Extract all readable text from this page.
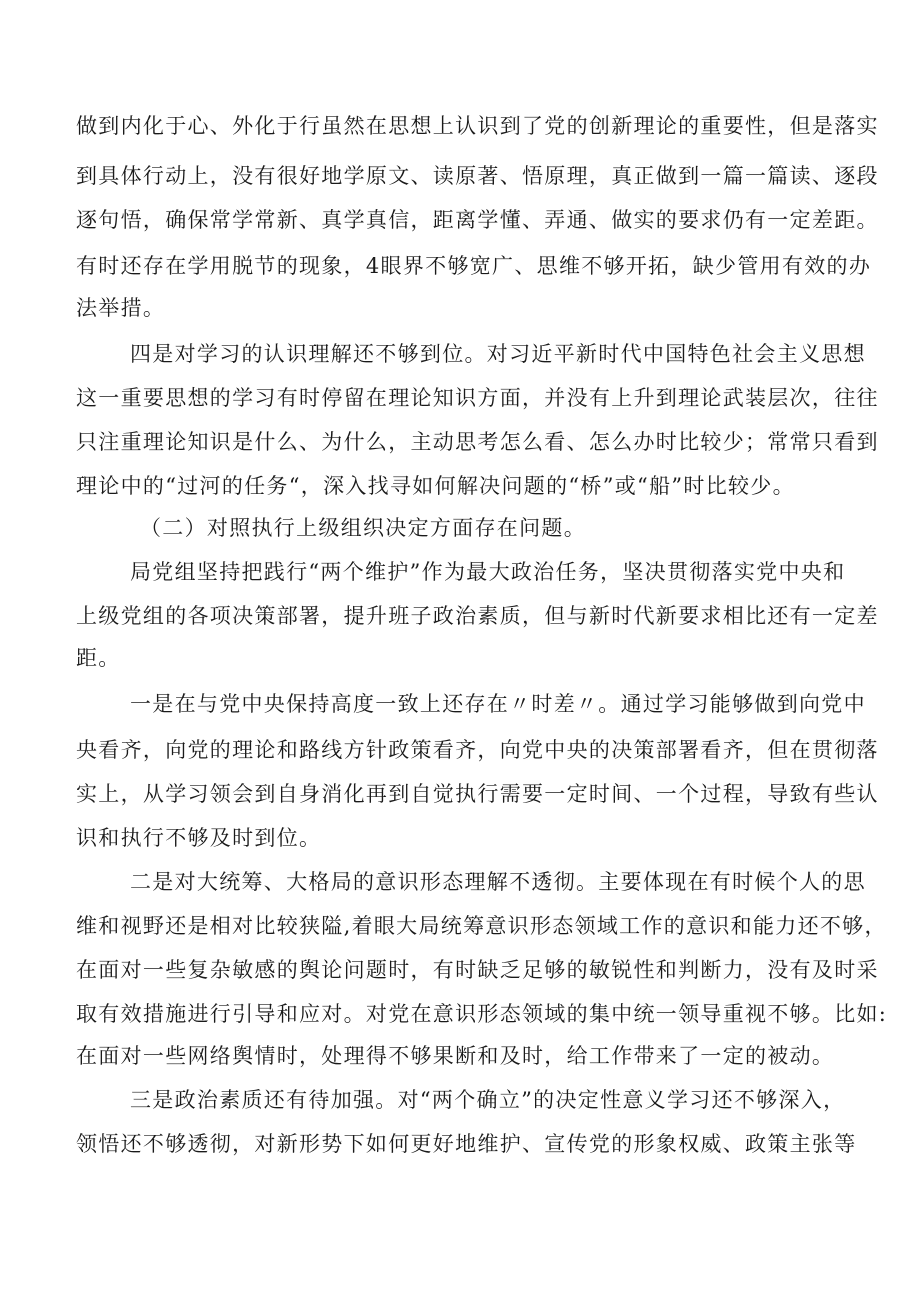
做到内化于心、外化于行虽然在思想上认识到了党的创新理论的重要性，但是落实
到具体行动上，没有很好地学原文、读原著、悟原理，真正做到一篇一篇读、逐段
逐句悟，确保常学常新、真学真信，距离学懂、弄通、做实的要求仍有一定差距。
有时还存在学用脱节的现象，4眼界不够宽广、思维不够开拓，缺少管用有效的办
法举措。
四是对学习的认识理解还不够到位。对习近平新时代中国特色社会主义思想
这一重要思想的学习有时停留在理论知识方面，并没有上升到理论武装层次，往往
只注重理论知识是什么、为什么，主动思考怎么看、怎么办时比较少；常常只看到
理论中的“过河的任务“，深入找寻如何解决问题的“桥”或“船”时比较少。
（二）对照执行上级组织决定方面存在问题。
局党组坚持把践行“两个维护”作为最大政治任务，坚决贯彻落实党中央和
上级党组的各项决策部署，提升班子政治素质，但与新时代新要求相比还有一定差
距。
一是在与党中央保持高度一致上还存在〃时差〃。通过学习能够做到向党中
央看齐，向党的理论和路线方针政策看齐，向党中央的决策部署看齐，但在贯彻落
实上，从学习领会到自身消化再到自觉执行需要一定时间、一个过程，导致有些认
识和执行不够及时到位。
二是对大统筹、大格局的意识形态理解不透彻。主要体现在有时候个人的思
维和视野还是相对比较狭隘,着眼大局统筹意识形态领域工作的意识和能力还不够，
在面对一些复杂敏感的舆论问题时，有时缺乏足够的敏锐性和判断力，没有及时采
取有效措施进行引导和应对。对党在意识形态领域的集中统一领导重视不够。比如:
在面对一些网络舆情时，处理得不够果断和及时，给工作带来了一定的被动。
三是政治素质还有待加强。对“两个确立”的决定性意义学习还不够深入，
领悟还不够透彻，对新形势下如何更好地维护、宣传党的形象权威、政策主张等
